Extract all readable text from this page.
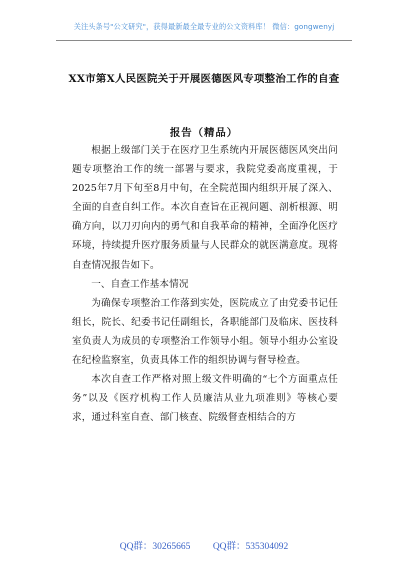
关注头条号"公文研究"，获得最新最全最专业的公文资料库！ 微信：gongwenyj
XX市第X人民医院关于开展医德医风专项整治工作的自查
报告（精品）

根据上级部门关于在医疗卫生系统内开展医德医风突出问题专项整治工作的统一部署与要求，我院党委高度重视，于2025年7月下旬至8月中旬，在全院范围内组织开展了深入、全面的自查自纠工作。本次自查旨在正视问题、剖析根源、明确方向，以刀刃向内的勇气和自我革命的精神，全面净化医疗环境，持续提升医疗服务质量与人民群众的就医满意度。现将自查情况报告如下。

一、自查工作基本情况

为确保专项整治工作落到实处，医院成立了由党委书记任组长，院长、纪委书记任副组长，各职能部门及临床、医技科室负责人为成员的专项整治工作领导小组。领导小组办公室设在纪检监察室，负责具体工作的组织协调与督导检查。

本次自查工作严格对照上级文件明确的“七个方面重点任务”以及《医疗机构工作人员廉洁从业九项准则》等核心要求，通过科室自查、部门核查、院级督查相结合的方

QQ群：30265665 QQ群：535304092
